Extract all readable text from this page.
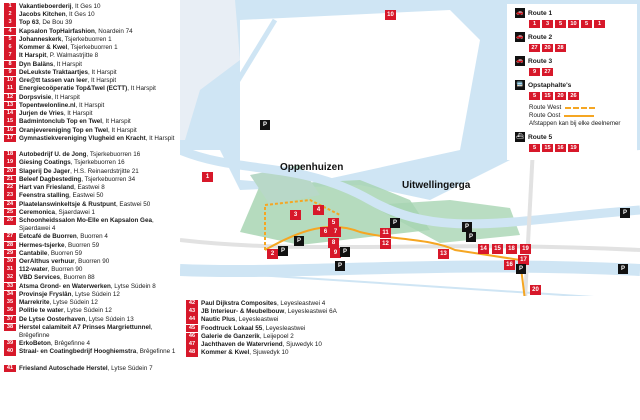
1	Vakantieboerderij, It Ges 10
2	Jacobs Kitchen, It Ges 10
3	Top 63, De Bou 39
4	Kapsalon TopHairfashion, Noardein 74
5	Johanneskerk, Tsjerkebuorren 1
6	Kommer & Kwel, Tsjerkebuorren 1
7	It Harspit, P. Walmastrjitte 8
8	Dyn Baläns, It Harspit
9	DeLeukste Traktaartjes, It Harspit
10 Gre@tt tassen van leer, It Harspit
11 Energiecoöperatie Top&Twel (ECTT), It Harspit
12 Dorpsvisie, It Harspit
13 Topentwelonline.nl, It Harspit
14 Jurjen de Vries, It Harspit
15 Badmintonclub Top en Twel, It Harspit
16 Oranjevereniging Top en Twel, It Harspit
17 Gymnastiekvereniging Vlugheid en Kracht, It Harspit
18 Autobedrijf U. de Jong, Tsjerkebuorren 16
19 Giesing Coatings, Tsjerkebuorren 16
20 Slagerij De Jager, H.S. Reinaerdstrjitte 21
21 Beleef Dagbesteding, Tsjerkebuorren 34
22 Hart van Friesland, Eastwei 8
23 Feenstra stalling, Eastwei 50
24 Plaatelanswinkeltsje & Rustpunt, Eastwei 50
25 Ceremonica, Sjaerdawei 1
26 Schoonheidssalon Mo-Elle en Kapsalon Gea, Sjaerdawei 4
27 Eetcafé de Buorren, Buorren 4
28 Hermes-tsjerke, Buorren 59
29 Cantabile, Buorren 59
30 OerAlthus verhuur, Buorren 90
31 112-water, Buorren 90
32 VBD Services, Buorren 88
33 Atsma Grond- en Waterwerken, Lytse Súdein 8
34 Provinsje Fryslân, Lytse Súdein 12
35 Marrekrite, Lytse Súdein 12
36 Politie te water, Lytse Súdein 12
37 De Lytse Oosterhaven, Lytse Súdein 13
38 Herstel calamiteit A7 Prinses Margriettunnel, Brêgefinne
39 ErkoBeton, Brêgefinne 4
40 Straal- en Coatingbedrijf Hooghiemstra, Brêgefinne 1
41 Friesland Autoschade Herstel, Lytse Súdein 7
Oppenhuizen
Uitwellingerga
10
1
2
3
4
5
6	7
8
9
11
12
13
14	15
16
17
18	19
20
P
P
P
P
P
P
P
P
P
P
P
🚗 Route 1
1	3	5	10	5	1
🚗 Route 2
27	20	28
🚗 Route 3
9	27
🚍 Opstaphalte's
5	15	20	26
Route West
Route Oost
Afstappen kan bij elke deelnemer
⛴ Route 5
5	15	16	19
42 Paul Dijkstra Composites, Leyesleastwei 4
43 JB Interieur- & Meubelbouw, Leyesleastwei 6A
44 Nautic Plus, Leyesleastwei
45 Foodtruck Lokaal 55, Leyesleastwei
46 Galerie de Ganzerik, Leijepoel 2
47 Jachthaven de Watervriend, Sjuwedyk 10
48 Kommer & Kwel, Sjuwedyk 10
